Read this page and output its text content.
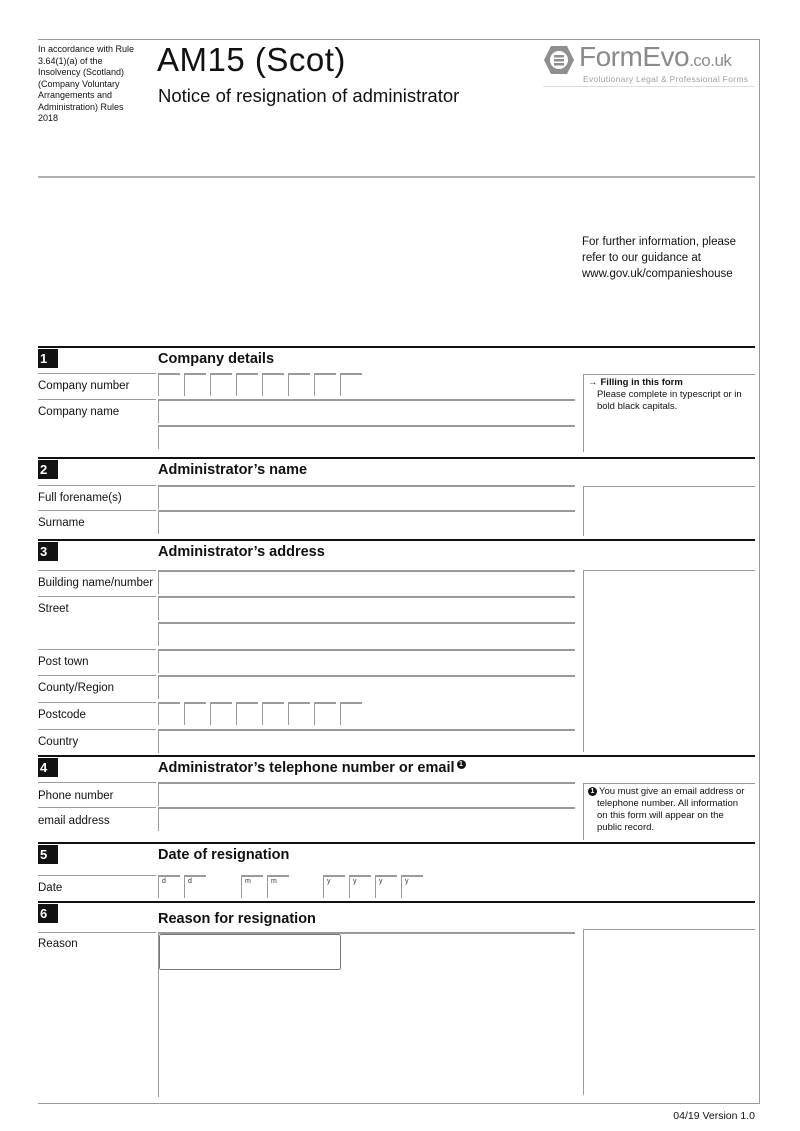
In accordance with Rule 3.64(1)(a) of the Insolvency (Scotland) (Company Voluntary Arrangements and Administration) Rules 2018
AM15 (Scot)
Notice of resignation of administrator
FormEvo.co.uk
Evolutionary Legal & Professional Forms
For further information, please refer to our guidance at www.gov.uk/companieshouse
1	Company details
Company number
Company name
→ Filling in this form
Please complete in typescript or in bold black capitals.
2	Administrator’s name
Full forename(s)
Surname
3	Administrator’s address
Building name/number
Street
Post town
County/Region
Postcode
Country
4	Administrator’s telephone number or email 1
Phone number
email address
1 You must give an email address or
telephone number. All information on this form will appear on the public record.
5	Date of resignation
Date
d	d	m	m	y	y	y	y
6	Reason for resignation
Reason
04/19 Version 1.0
